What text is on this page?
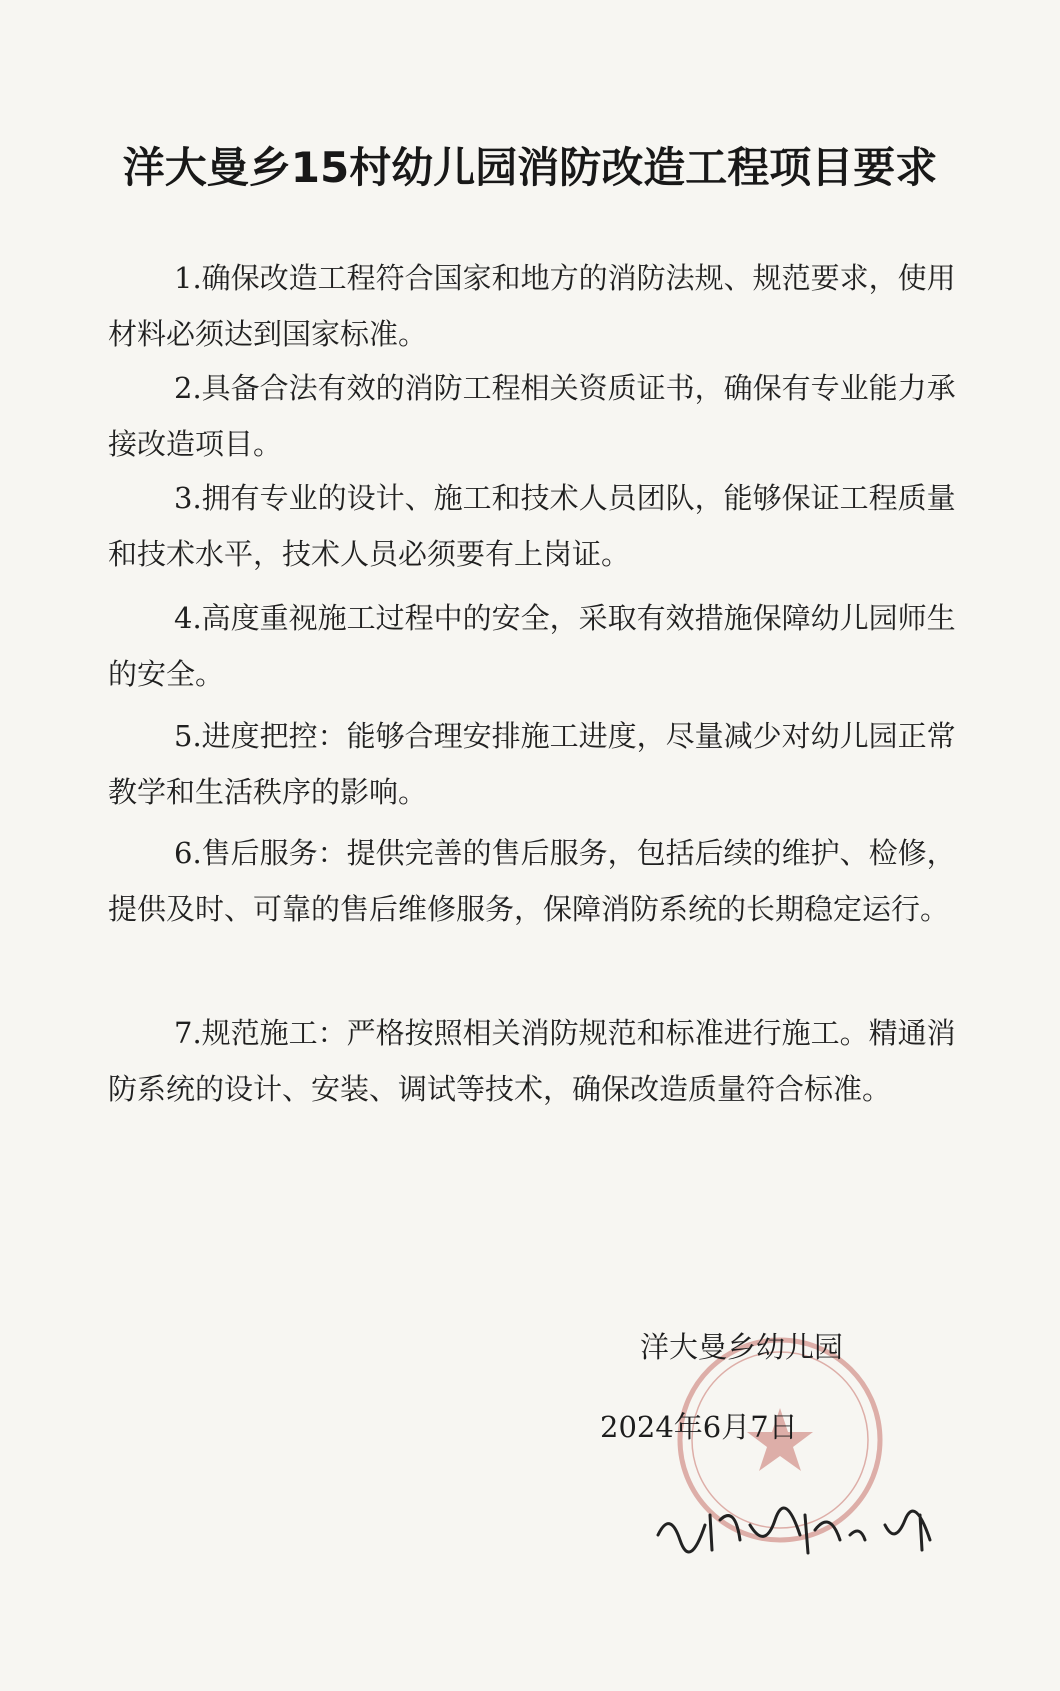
洋大曼乡15村幼儿园消防改造工程项目要求

1.确保改造工程符合国家和地方的消防法规、规范要求，使用材料必须达到国家标准。

2.具备合法有效的消防工程相关资质证书，确保有专业能力承接改造项目。

3.拥有专业的设计、施工和技术人员团队，能够保证工程质量和技术水平，技术人员必须要有上岗证。

4.高度重视施工过程中的安全，采取有效措施保障幼儿园师生的安全。

5.进度把控：能够合理安排施工进度，尽量减少对幼儿园正常教学和生活秩序的影响。

6.售后服务：提供完善的售后服务，包括后续的维护、检修，提供及时、可靠的售后维修服务，保障消防系统的长期稳定运行。

7.规范施工：严格按照相关消防规范和标准进行施工。精通消防系统的设计、安装、调试等技术，确保改造质量符合标准。

洋大曼乡幼儿园
2024年6月7日
